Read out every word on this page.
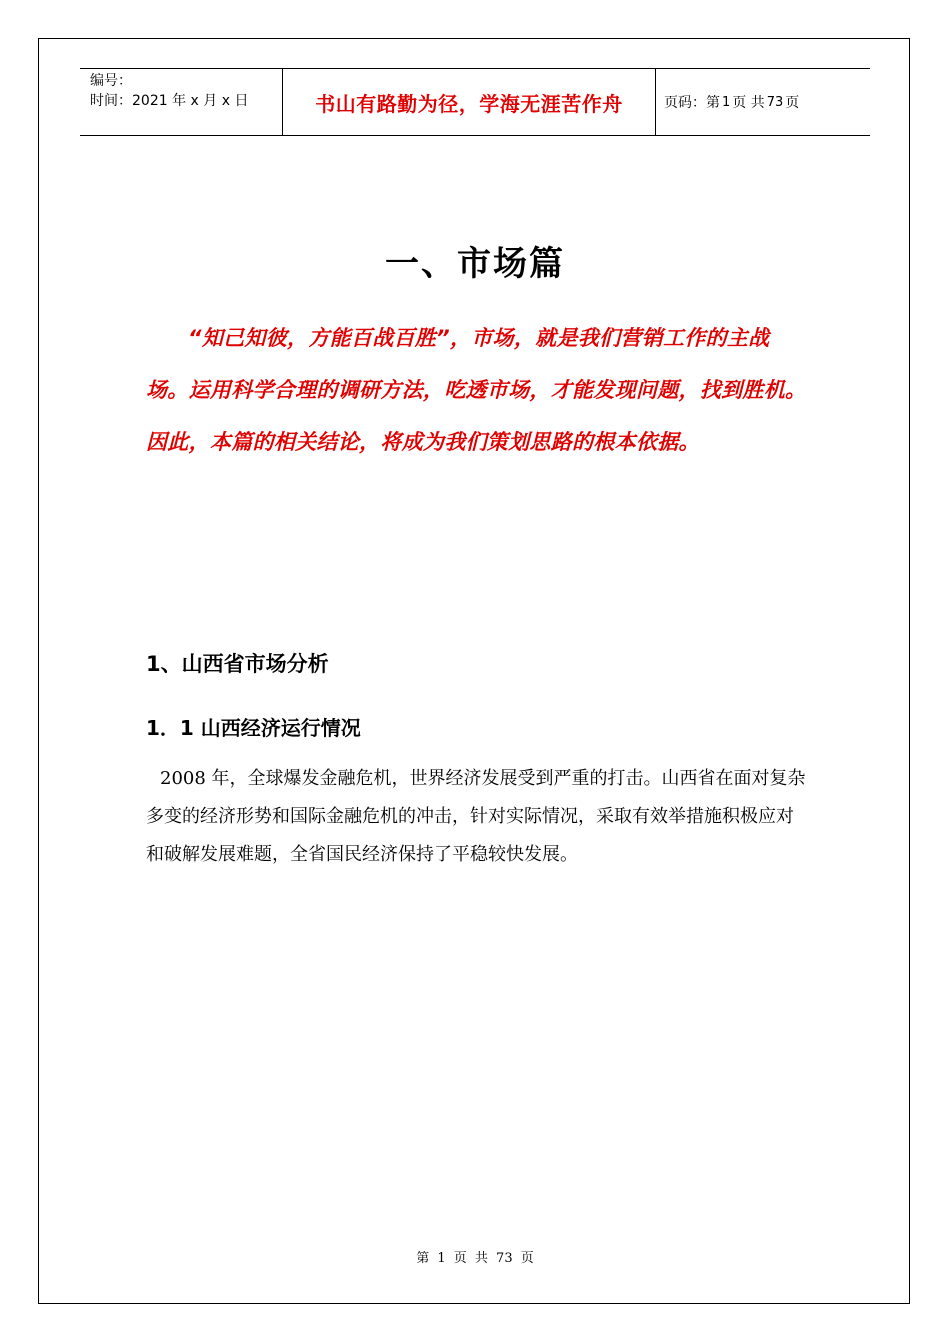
编号：
时间：2021 年 x 月 x 日	书山有路勤为径，学海无涯苦作舟	页码：第 1 页 共 73 页
一、市场篇
“知己知彼，方能百战百胜”，市场，就是我们营销工作的主战场。运用科学合理的调研方法，吃透市场，才能发现问题，找到胜机。因此，本篇的相关结论，将成为我们策划思路的根本依据。
1、山西省市场分析
1．1 山西经济运行情况
2008 年，全球爆发金融危机，世界经济发展受到严重的打击。山西省在面对复杂多变的经济形势和国际金融危机的冲击，针对实际情况，采取有效举措施积极应对和破解发展难题，全省国民经济保持了平稳较快发展。
第 1 页 共 73 页
